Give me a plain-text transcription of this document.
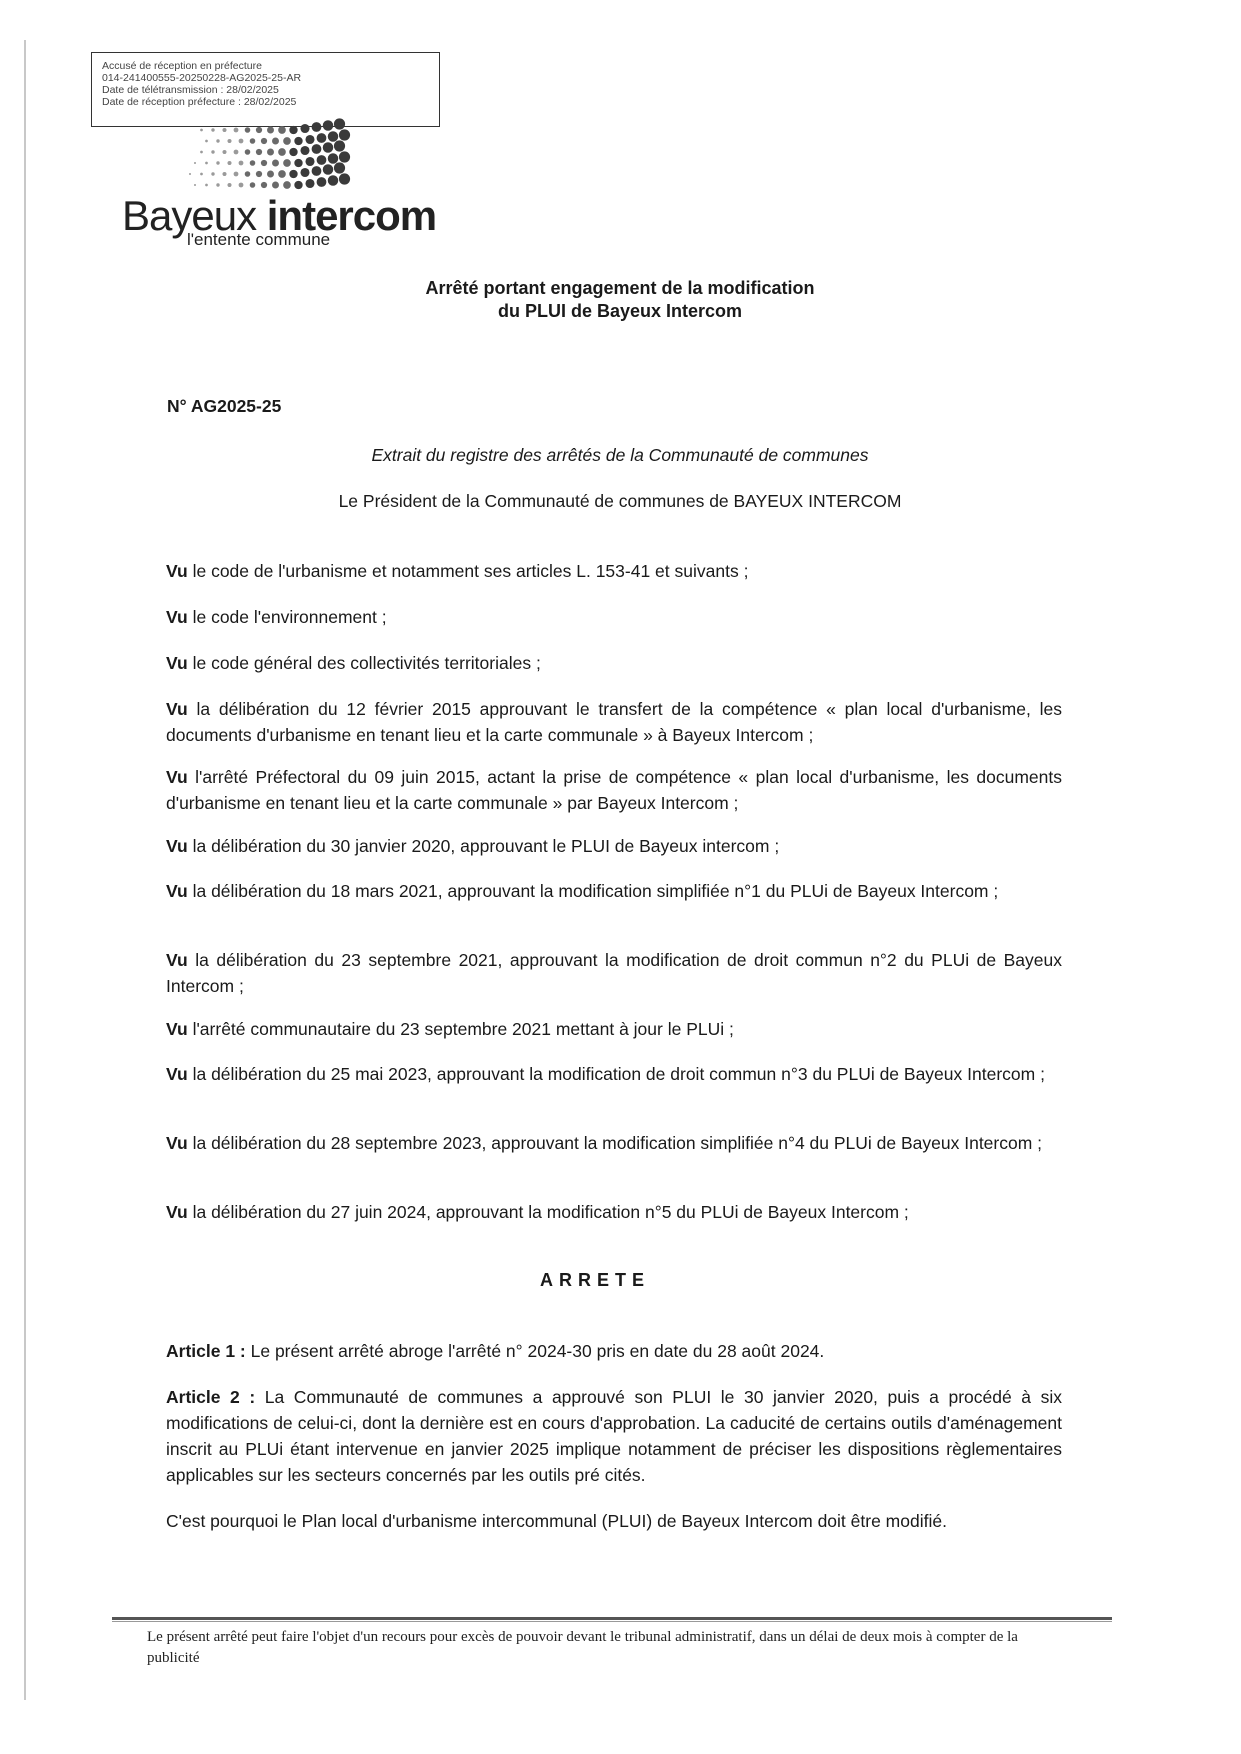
Accusé de réception en préfecture
014-241400555-20250228-AG2025-25-AR
Date de télétransmission : 28/02/2025
Date de réception préfecture : 28/02/2025
Bayeux intercom
l'entente commune
Arrêté portant engagement de la modification
du PLUI de Bayeux Intercom
N° AG2025-25
Extrait du registre des arrêtés de la Communauté de communes
Le Président de la Communauté de communes de BAYEUX INTERCOM
Vu le code de l'urbanisme et notamment ses articles L. 153-41 et suivants ;
Vu le code l'environnement ;
Vu le code général des collectivités territoriales ;
Vu la délibération du 12 février 2015 approuvant le transfert de la compétence « plan local d'urbanisme, les documents d'urbanisme en tenant lieu et la carte communale » à Bayeux Intercom ;
Vu l'arrêté Préfectoral du 09 juin 2015, actant la prise de compétence « plan local d'urbanisme, les documents d'urbanisme en tenant lieu et la carte communale » par Bayeux Intercom ;
Vu la délibération du 30 janvier 2020, approuvant le PLUI de Bayeux intercom ;
Vu la délibération du 18 mars 2021, approuvant la modification simplifiée n°1 du PLUi de Bayeux Intercom ;
Vu la délibération du 23 septembre 2021, approuvant la modification de droit commun n°2 du PLUi de Bayeux Intercom ;
Vu l'arrêté communautaire du 23 septembre 2021 mettant à jour le PLUi ;
Vu la délibération du 25 mai 2023, approuvant la modification de droit commun n°3 du PLUi de Bayeux Intercom ;
Vu la délibération du 28 septembre 2023, approuvant la modification simplifiée n°4 du PLUi de Bayeux Intercom ;
Vu la délibération du 27 juin 2024, approuvant la modification n°5 du PLUi de Bayeux Intercom ;
ARRETE
Article 1 : Le présent arrêté abroge l'arrêté n° 2024-30 pris en date du 28 août 2024.
Article 2 : La Communauté de communes a approuvé son PLUI le 30 janvier 2020, puis a procédé à six modifications de celui-ci, dont la dernière est en cours d'approbation. La caducité de certains outils d'aménagement inscrit au PLUi étant intervenue en janvier 2025 implique notamment de préciser les dispositions règlementaires applicables sur les secteurs concernés par les outils pré cités.
C'est pourquoi le Plan local d'urbanisme intercommunal (PLUI) de Bayeux Intercom doit être modifié.
Le présent arrêté peut faire l'objet d'un recours pour excès de pouvoir devant le tribunal administratif, dans un délai de deux mois à compter de la publicité
